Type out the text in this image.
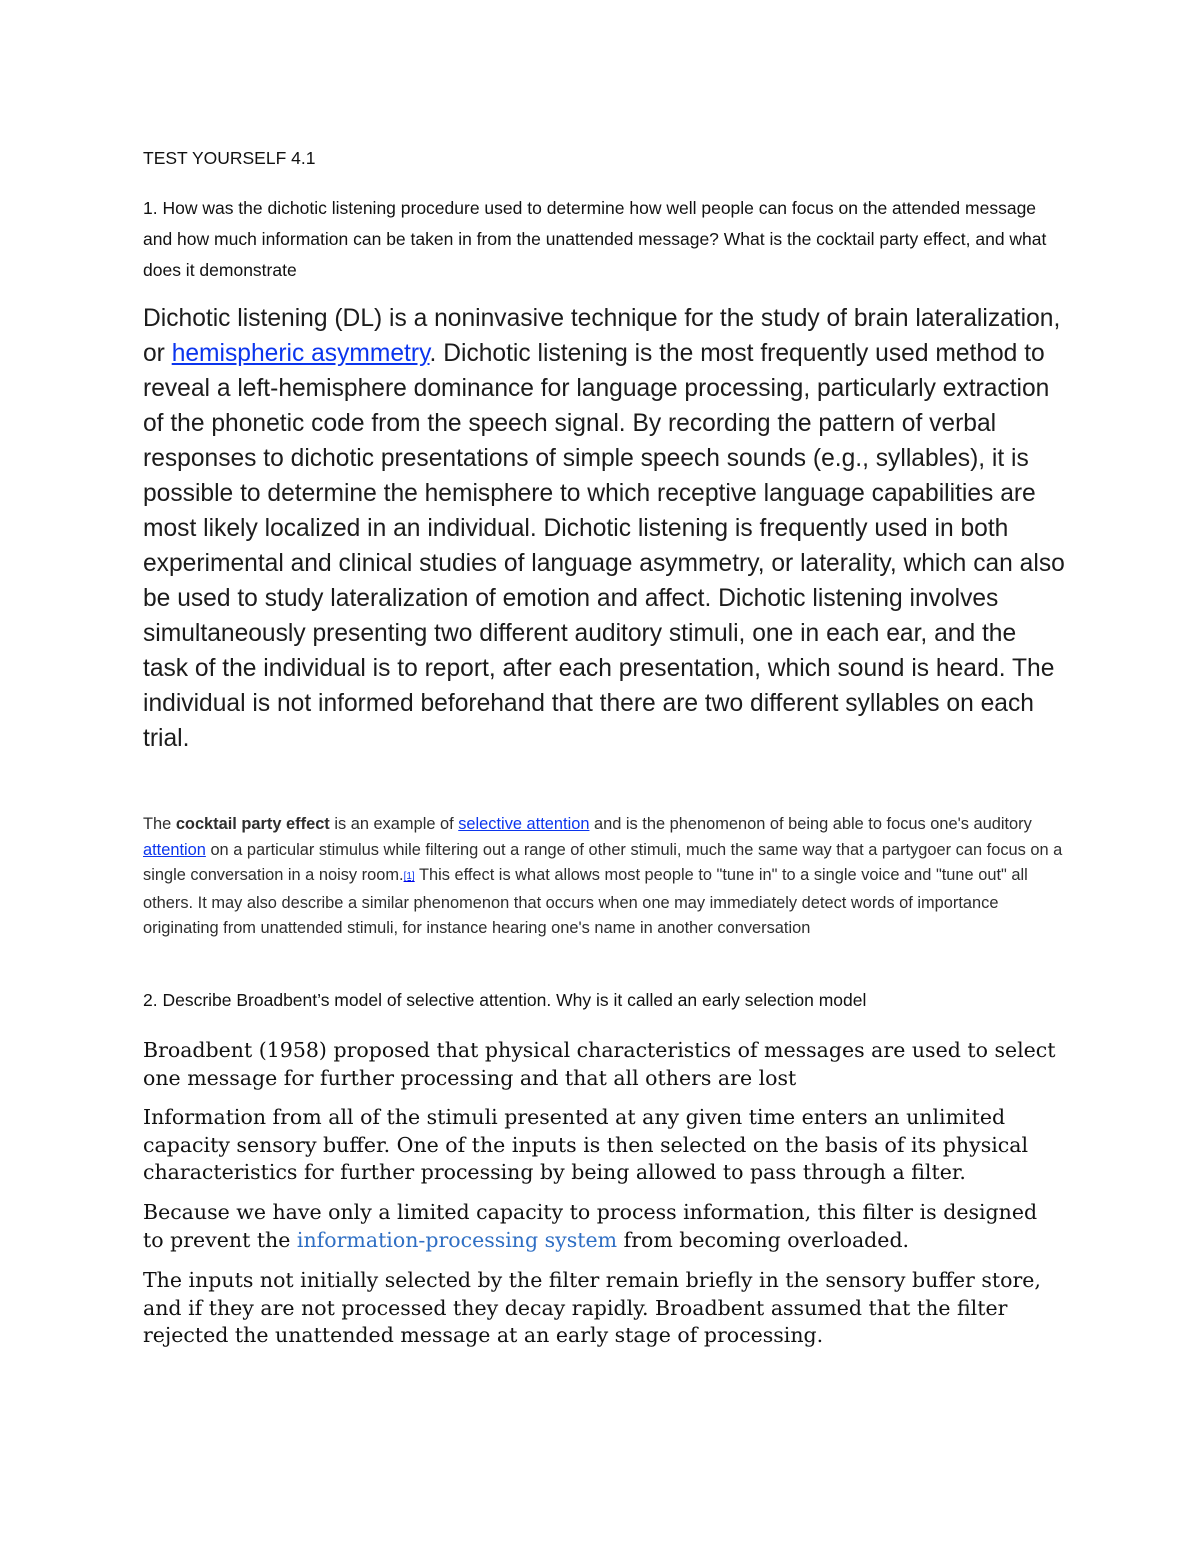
TEST YOURSELF 4.1

1. How was the dichotic listening procedure used to determine how well people can focus on the attended message and how much information can be taken in from the unattended message? What is the cocktail party effect, and what does it demonstrate

Dichotic listening (DL) is a noninvasive technique for the study of brain lateralization, or hemispheric asymmetry. Dichotic listening is the most frequently used method to reveal a left-hemisphere dominance for language processing, particularly extraction of the phonetic code from the speech signal. By recording the pattern of verbal responses to dichotic presentations of simple speech sounds (e.g., syllables), it is possible to determine the hemisphere to which receptive language capabilities are most likely localized in an individual. Dichotic listening is frequently used in both experimental and clinical studies of language asymmetry, or laterality, which can also be used to study lateralization of emotion and affect. Dichotic listening involves simultaneously presenting two different auditory stimuli, one in each ear, and the task of the individual is to report, after each presentation, which sound is heard. The individual is not informed beforehand that there are two different syllables on each trial.

The cocktail party effect is an example of selective attention and is the phenomenon of being able to focus one's auditory attention on a particular stimulus while filtering out a range of other stimuli, much the same way that a partygoer can focus on a single conversation in a noisy room.[1] This effect is what allows most people to "tune in" to a single voice and "tune out" all others. It may also describe a similar phenomenon that occurs when one may immediately detect words of importance originating from unattended stimuli, for instance hearing one's name in another conversation

2. Describe Broadbent’s model of selective attention. Why is it called an early selection model

Broadbent (1958) proposed that physical characteristics of messages are used to select one message for further processing and that all others are lost

Information from all of the stimuli presented at any given time enters an unlimited capacity sensory buffer. One of the inputs is then selected on the basis of its physical characteristics for further processing by being allowed to pass through a filter.

Because we have only a limited capacity to process information, this filter is designed to prevent the information-processing system from becoming overloaded.

The inputs not initially selected by the filter remain briefly in the sensory buffer store, and if they are not processed they decay rapidly. Broadbent assumed that the filter rejected the unattended message at an early stage of processing.
